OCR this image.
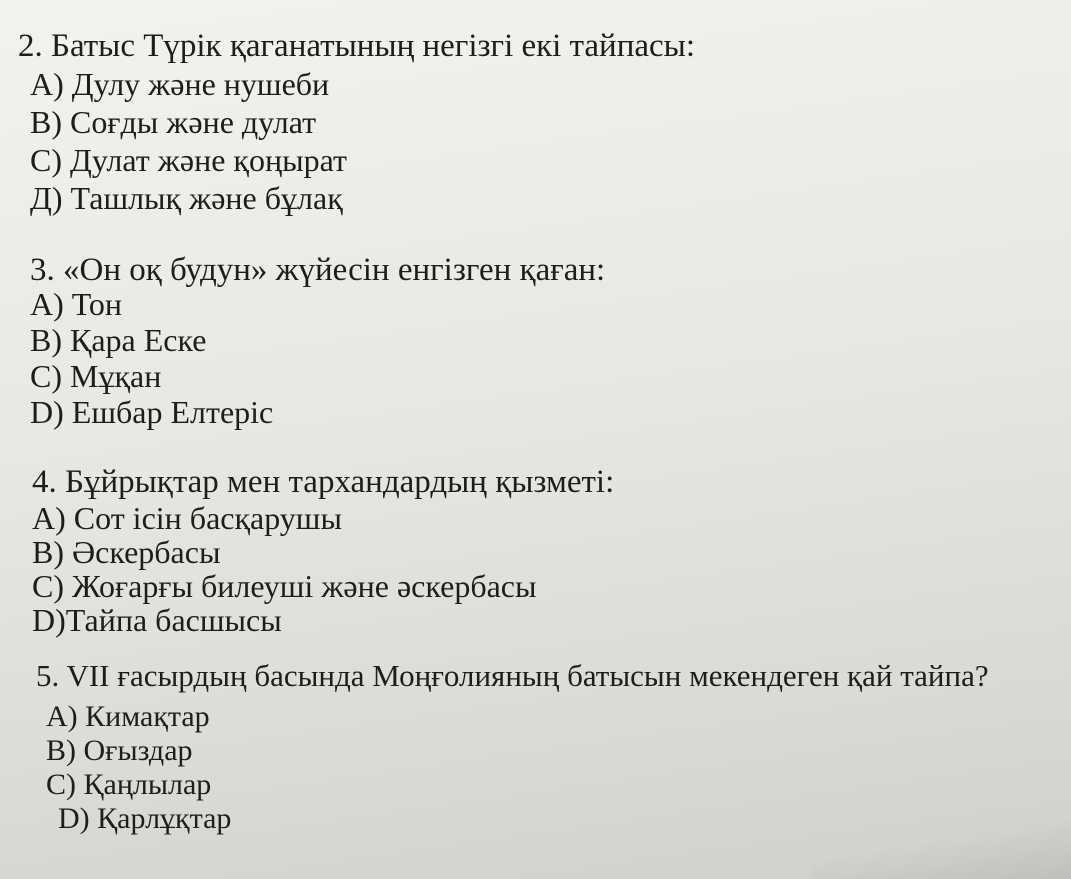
2. Батыс Түрік қаганатының негізгі екі тайпасы:
А) Дулу және нушеби
В) Соғды және дулат
С) Дулат және қоңырат
Д) Ташлық және бұлақ
3. «Он оқ будун» жүйесін енгізген қаған:
А) Тон
В) Қара Еске
С) Мұқан
D) Ешбар Елтеріс
4. Бұйрықтар мен тархандардың қызметі:
А) Сот ісін басқарушы
В) Әскербасы
С) Жоғарғы билеуші және әскербасы
D)Тайпа басшысы
5. VII ғасырдың басында Моңғолияның батысын мекендеген қай тайпа?
А) Кимақтар
В) Оғыздар
С) Қаңлылар
D) Қарлұқтар
